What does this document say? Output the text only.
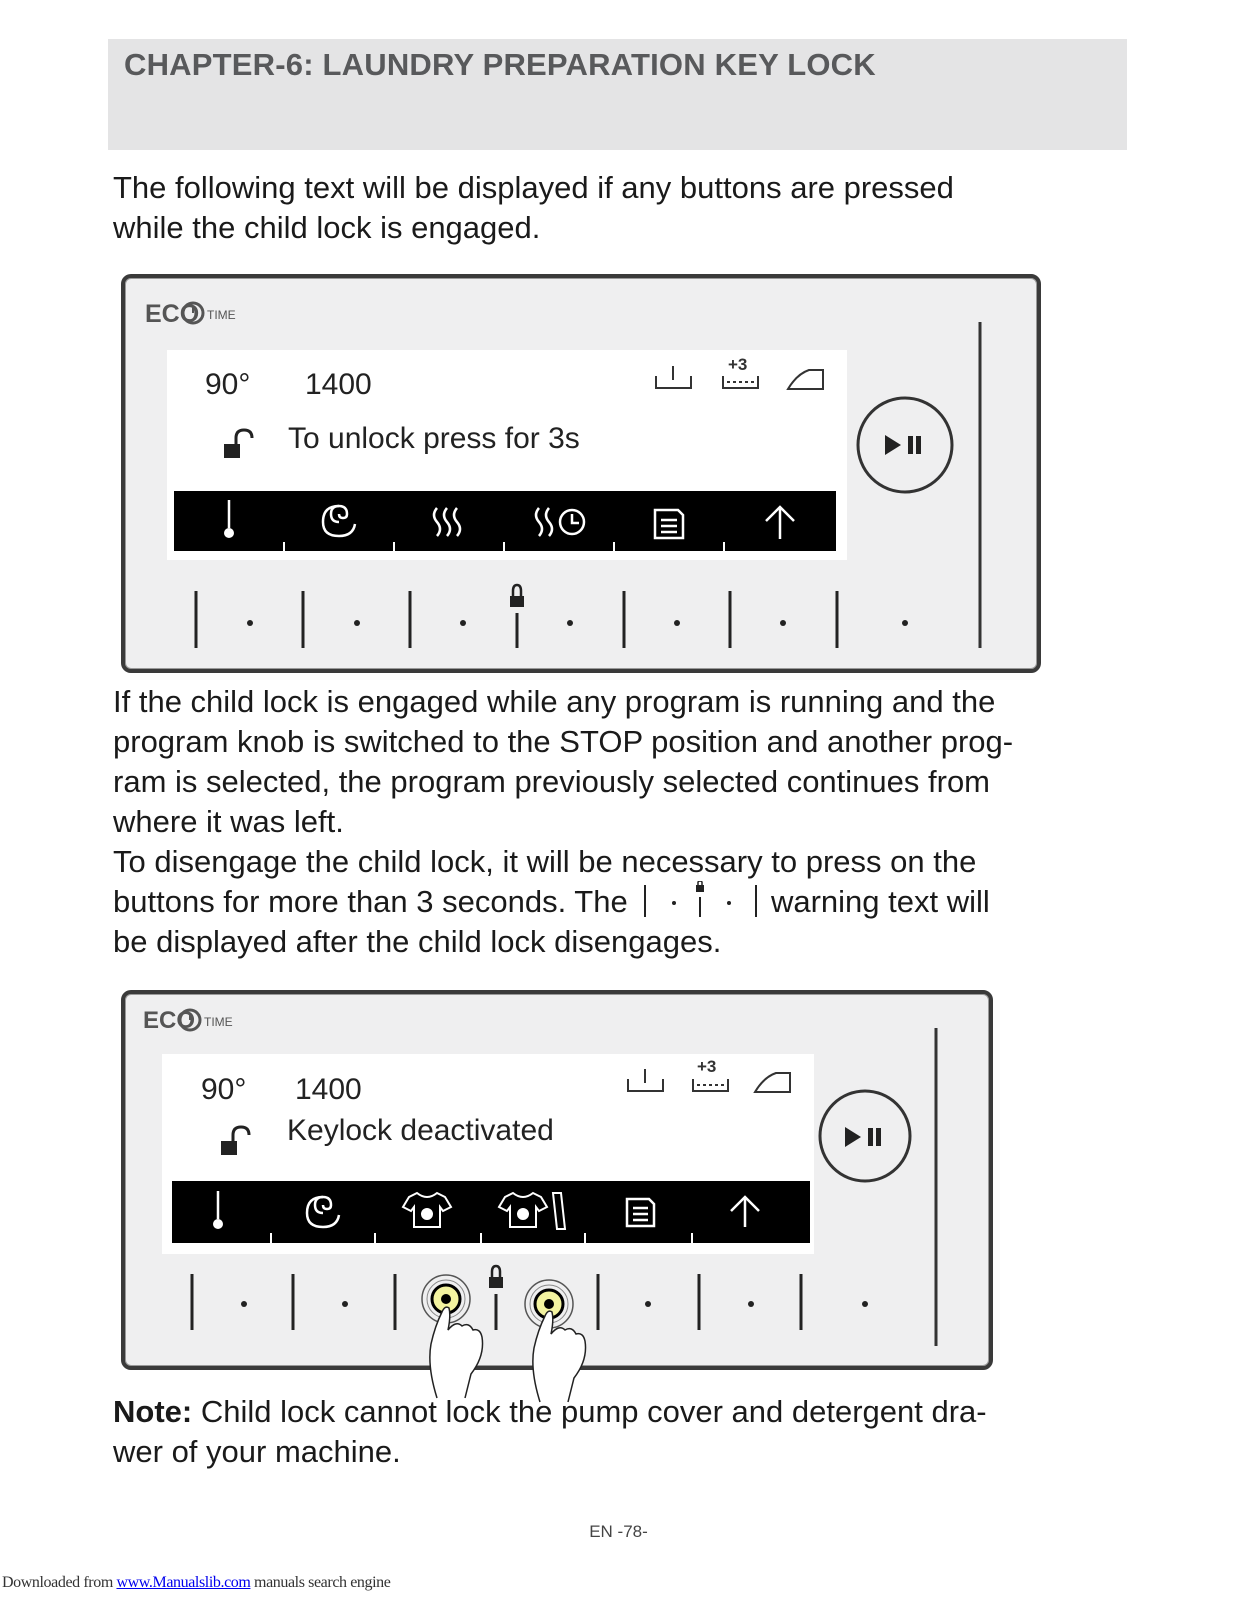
CHAPTER-6: LAUNDRY PREPARATION KEY LOCK
The following text will be displayed if any buttons are pressed
while the child lock is engaged.
ECO TIME
90° 1400
+3
To unlock press for 3s
If the child lock is engaged while any program is running and the
program knob is switched to the STOP position and another prog-
ram is selected, the program previously selected continues from
where it was left.
To disengage the child lock, it will be necessary to press on the
buttons for more than 3 seconds. The	warning text will
be displayed after the child lock disengages.
ECO TIME
90° 1400
+3
Keylock deactivated
Note: Child lock cannot lock the pump cover and detergent dra-
wer of your machine.
EN -78-
Downloaded from www.Manualslib.com manuals search engine
